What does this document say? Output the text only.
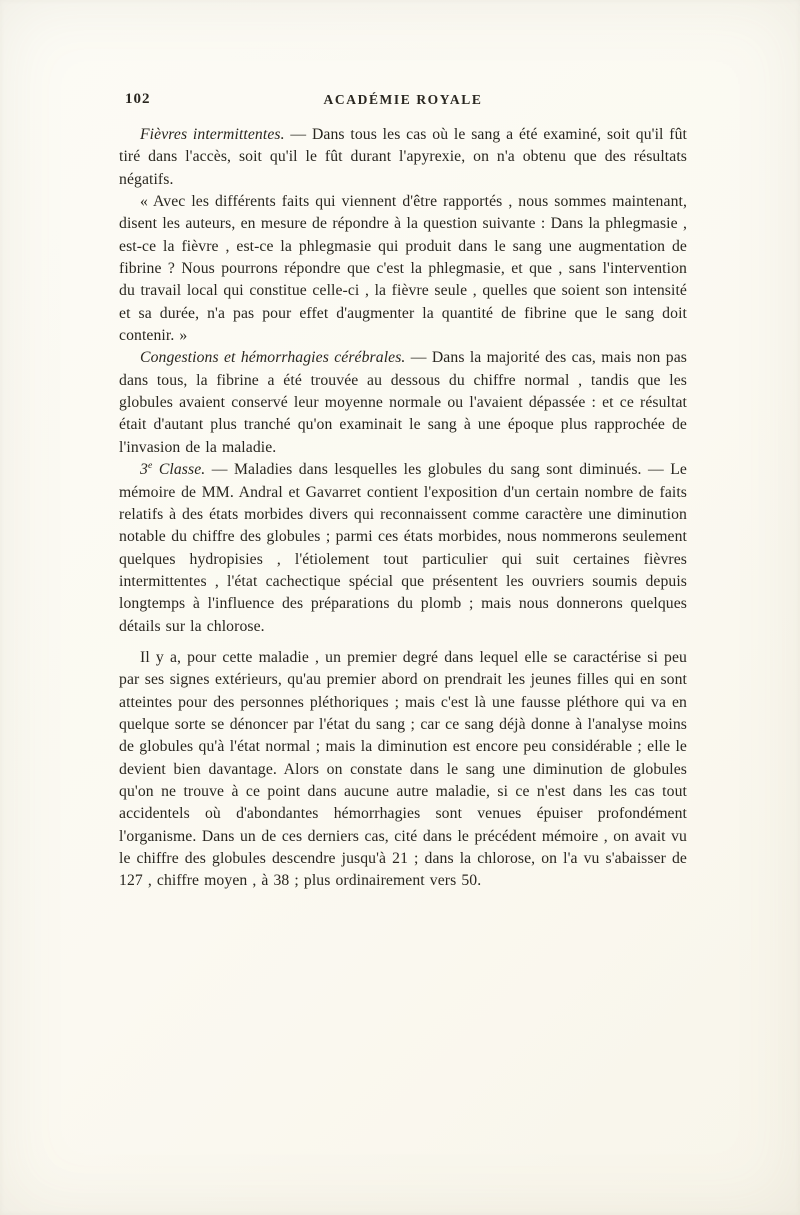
102	ACADÉMIE ROYALE

Fièvres intermittentes. — Dans tous les cas où le sang a été examiné, soit qu'il fût tiré dans l'accès, soit qu'il le fût durant l'apyrexie, on n'a obtenu que des résultats négatifs.

« Avec les différents faits qui viennent d'être rapportés , nous sommes maintenant, disent les auteurs, en mesure de répondre à la question suivante : Dans la phlegmasie , est-ce la fièvre , est-ce la phlegmasie qui produit dans le sang une augmentation de fibrine ? Nous pourrons répondre que c'est la phlegmasie, et que , sans l'intervention du travail local qui constitue celle-ci , la fièvre seule , quelles que soient son intensité et sa durée, n'a pas pour effet d'augmenter la quantité de fibrine que le sang doit contenir. »

Congestions et hémorrhagies cérébrales. — Dans la majorité des cas, mais non pas dans tous, la fibrine a été trouvée au dessous du chiffre normal , tandis que les globules avaient conservé leur moyenne normale ou l'avaient dépassée : et ce résultat était d'autant plus tranché qu'on examinait le sang à une époque plus rapprochée de l'invasion de la maladie.

3e Classe. — Maladies dans lesquelles les globules du sang sont diminués. — Le mémoire de MM. Andral et Gavarret contient l'exposition d'un certain nombre de faits relatifs à des états morbides divers qui reconnaissent comme caractère une diminution notable du chiffre des globules ; parmi ces états morbides, nous nommerons seulement quelques hydropisies , l'étiolement tout particulier qui suit certaines fièvres intermittentes , l'état cachectique spécial que présentent les ouvriers soumis depuis longtemps à l'influence des préparations du plomb ; mais nous donnerons quelques détails sur la chlorose.

Il y a, pour cette maladie , un premier degré dans lequel elle se caractérise si peu par ses signes extérieurs, qu'au premier abord on prendrait les jeunes filles qui en sont atteintes pour des personnes pléthoriques ; mais c'est là une fausse pléthore qui va en quelque sorte se dénoncer par l'état du sang ; car ce sang déjà donne à l'analyse moins de globules qu'à l'état normal ; mais la diminution est encore peu considérable ; elle le devient bien davantage. Alors on constate dans le sang une diminution de globules qu'on ne trouve à ce point dans aucune autre maladie, si ce n'est dans les cas tout accidentels où d'abondantes hémorrhagies sont venues épuiser profondément l'organisme. Dans un de ces derniers cas, cité dans le précédent mémoire , on avait vu le chiffre des globules descendre jusqu'à 21 ; dans la chlorose, on l'a vu s'abaisser de 127 , chiffre moyen , à 38 ; plus ordinairement vers 50.
